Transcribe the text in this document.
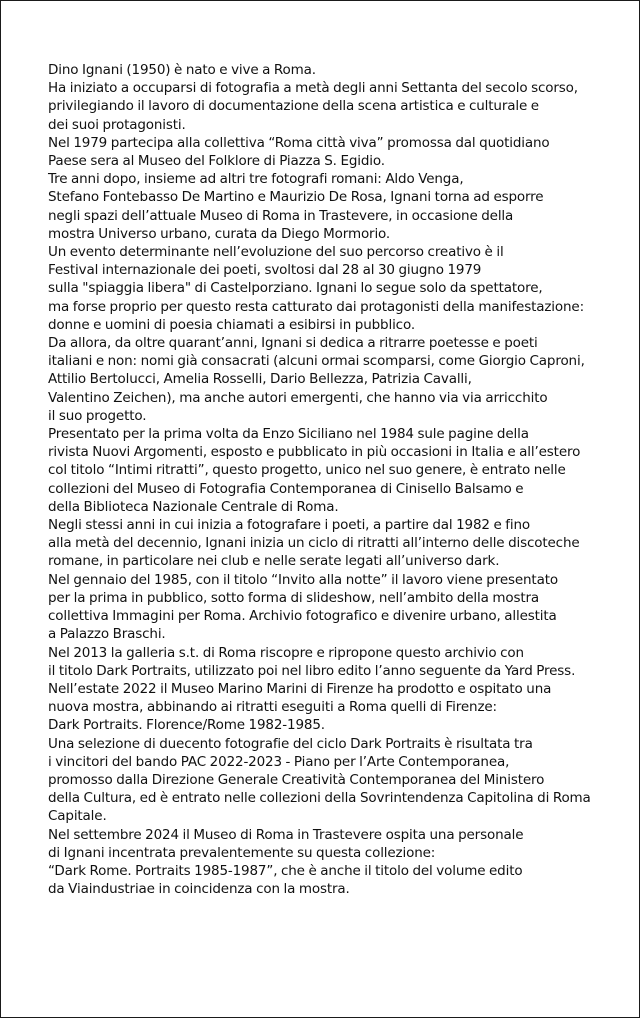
Dino Ignani (1950) è nato e vive a Roma.
Ha iniziato a occuparsi di fotografia a metà degli anni Settanta del secolo scorso,
privilegiando il lavoro di documentazione della scena artistica e culturale e
dei suoi protagonisti.
Nel 1979 partecipa alla collettiva “Roma città viva” promossa dal quotidiano
Paese sera al Museo del Folklore di Piazza S. Egidio.
Tre anni dopo, insieme ad altri tre fotografi romani: Aldo Venga,
Stefano Fontebasso De Martino e Maurizio De Rosa, Ignani torna ad esporre
negli spazi dell’attuale Museo di Roma in Trastevere, in occasione della
mostra Universo urbano, curata da Diego Mormorio.
Un evento determinante nell’evoluzione del suo percorso creativo è il
Festival internazionale dei poeti, svoltosi dal 28 al 30 giugno 1979
sulla "spiaggia libera" di Castelporziano. Ignani lo segue solo da spettatore,
ma forse proprio per questo resta catturato dai protagonisti della manifestazione:
donne e uomini di poesia chiamati a esibirsi in pubblico.
Da allora, da oltre quarant’anni, Ignani si dedica a ritrarre poetesse e poeti
italiani e non: nomi già consacrati (alcuni ormai scomparsi, come Giorgio Caproni,
Attilio Bertolucci, Amelia Rosselli, Dario Bellezza, Patrizia Cavalli,
Valentino Zeichen), ma anche autori emergenti, che hanno via via arricchito
il suo progetto.
Presentato per la prima volta da Enzo Siciliano nel 1984 sule pagine della
rivista Nuovi Argomenti, esposto e pubblicato in più occasioni in Italia e all’estero
col titolo “Intimi ritratti”, questo progetto, unico nel suo genere, è entrato nelle
collezioni del Museo di Fotografia Contemporanea di Cinisello Balsamo e
della Biblioteca Nazionale Centrale di Roma.
Negli stessi anni in cui inizia a fotografare i poeti, a partire dal 1982 e fino
alla metà del decennio, Ignani inizia un ciclo di ritratti all’interno delle discoteche
romane, in particolare nei club e nelle serate legati all’universo dark.
Nel gennaio del 1985, con il titolo “Invito alla notte” il lavoro viene presentato
per la prima in pubblico, sotto forma di slideshow, nell’ambito della mostra
collettiva Immagini per Roma. Archivio fotografico e divenire urbano, allestita
a Palazzo Braschi.
Nel 2013 la galleria s.t. di Roma riscopre e ripropone questo archivio con
il titolo Dark Portraits, utilizzato poi nel libro edito l’anno seguente da Yard Press.
Nell’estate 2022 il Museo Marino Marini di Firenze ha prodotto e ospitato una
nuova mostra, abbinando ai ritratti eseguiti a Roma quelli di Firenze:
Dark Portraits. Florence/Rome 1982-1985.
Una selezione di duecento fotografie del ciclo Dark Portraits è risultata tra
i vincitori del bando PAC 2022-2023 - Piano per l’Arte Contemporanea,
promosso dalla Direzione Generale Creatività Contemporanea del Ministero
della Cultura, ed è entrato nelle collezioni della Sovrintendenza Capitolina di Roma
Capitale.
Nel settembre 2024 il Museo di Roma in Trastevere ospita una personale
di Ignani incentrata prevalentemente su questa collezione:
“Dark Rome. Portraits 1985-1987”, che è anche il titolo del volume edito
da Viaindustriae in coincidenza con la mostra.
